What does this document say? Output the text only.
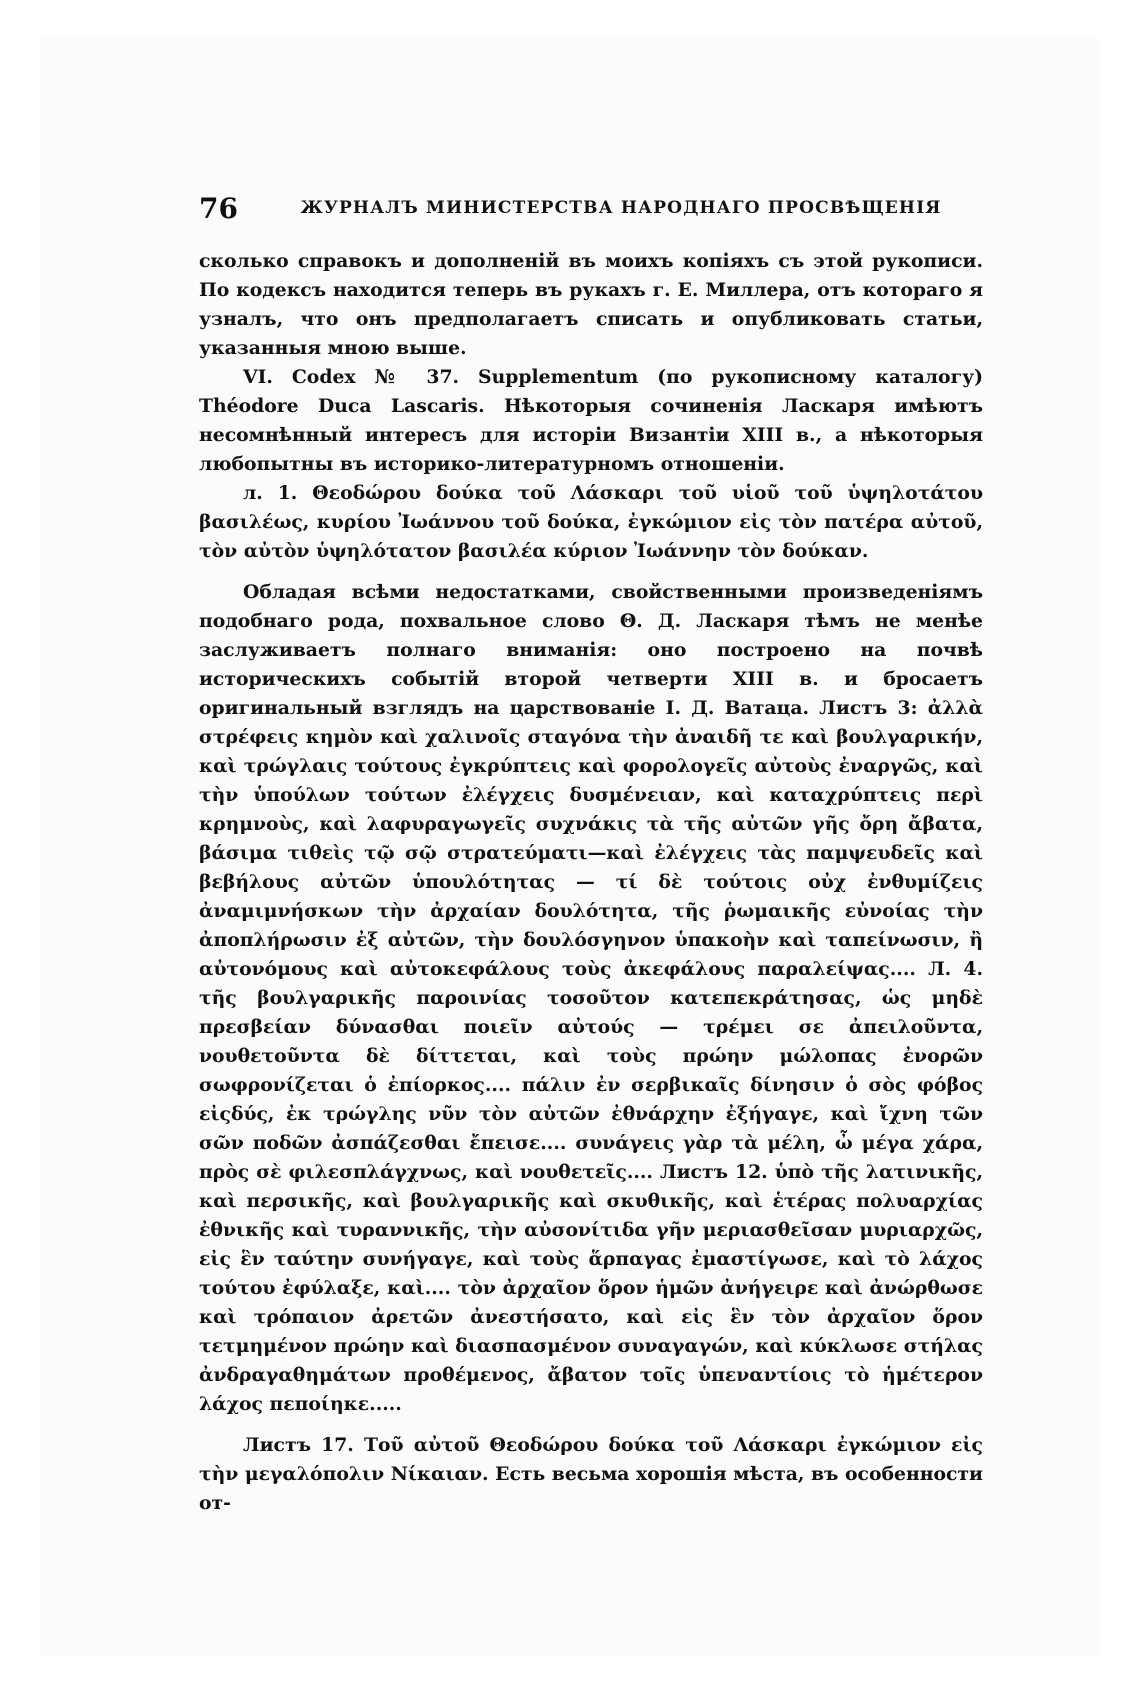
76	ЖУРНАЛЪ МИНИСТЕРСТВА НАРОДНАГО ПРОСВѢЩЕНІЯ

сколько справокъ и дополненій въ моихъ копіяхъ съ этой рукописи. По кодексъ находится теперь въ рукахъ г. Е. Миллера, отъ котораго я узналъ, что онъ предполагаетъ списать и опубликовать статьи, указанныя мною выше.

VI. Codex № 37. Supplementum (по рукописному каталогу) Théodore Duca Lascaris. Нѣкоторыя сочиненія Ласкаря имѣютъ несомнѣнный интересъ для исторіи Византіи XIII в., а нѣкоторыя любопытны въ историко-литературномъ отношеніи.

л. 1. Θεοδώρου δούκα τοῦ Λάσκαρι τοῦ υἱοῦ τοῦ ὑψηλοτάτου βασιλέως, κυρίου Ἰωάννου τοῦ δούκα, ἐγκώμιον εἰς τὸν πατέρα αὐτοῦ, τὸν αὐτὸν ὑψηλότατον βασιλέα κύριον Ἰωάννην τὸν δούκαν.

Обладая всѣми недостатками, свойственными произведеніямъ подобнаго рода, похвальное слово Θ. Д. Ласкаря тѣмъ не менѣе заслуживаетъ полнаго вниманія: оно построено на почвѣ историческихъ событій второй четверти XIII в. и бросаетъ оригинальный взглядъ на царствованіе І. Д. Ватаца. Листъ 3: ἀλλὰ στρέφεις κημὸν καὶ χαλινοῖς σταγόνα τὴν ἀναιδῆ τε καὶ βουλγαρικήν, καὶ τρώγλαις τούτους ἐγκρύπτεις καὶ φορολογεῖς αὐτοὺς ἐναργῶς, καὶ τὴν ὑπούλων τούτων ἐλέγχεις δυσμένειαν, καὶ καταχρύπτεις περὶ κρημνοὺς, καὶ λαφυραγωγεῖς συχνάκις τὰ τῆς αὐτῶν γῆς ὄρη ἄβατα, βάσιμα τιθεὶς τῷ σῷ στρατεύματι—καὶ ἐλέγχεις τὰς παμψευδεῖς καὶ βεβήλους αὐτῶν ὑπουλότητας — τί δὲ τούτοις οὐχ ἐνθυμίζεις ἀναμιμνήσκων τὴν ἀρχαίαν δουλότητα, τῆς ῥωμαικῆς εὐνοίας τὴν ἀποπλήρωσιν ἐξ αὐτῶν, τὴν δουλόσγηνον ὑπακοὴν καὶ ταπείνωσιν, ἢ αὐτονόμους καὶ αὐτοκεφάλους τοὺς ἀκεφάλους παραλείψας.... Л. 4. τῆς βουλγαρικῆς παροινίας τοσοῦτον κατεπεκράτησας, ὡς μηδὲ πρεσβείαν δύνασθαι ποιεῖν αὐτούς — τρέμει σε ἀπειλοῦντα, νουθετοῦντα δὲ δίττεται, καὶ τοὺς πρώην μώλοπας ἐνορῶν σωφρονίζεται ὁ ἐπίορκος.... πάλιν ἐν σερβικαῖς δίνησιν ὁ σὸς φόβος εἰςδύς, ἐκ τρώγλης νῦν τὸν αὐτῶν ἐθνάρχην ἐξήγαγε, καὶ ἴχνη τῶν σῶν ποδῶν ἀσπάζεσθαι ἔπεισε.... συνάγεις γὰρ τὰ μέλη, ὦ μέγα χάρα, πρὸς σὲ φιλεσπλάγχνως, καὶ νουθετεῖς.... Листъ 12. ὑπὸ τῆς λατινικῆς, καὶ περσικῆς, καὶ βουλγαρικῆς καὶ σκυθικῆς, καὶ ἑτέρας πολυαρχίας ἐθνικῆς καὶ τυραννικῆς, τὴν αὐσονίτιδα γῆν μεριασθεῖσαν μυριαρχῶς, εἰς ἓν ταύτην συνήγαγε, καὶ τοὺς ἅρπαγας ἐμαστίγωσε, καὶ τὸ λάχος τούτου ἐφύλαξε, καὶ.... τὸν ἀρχαῖον ὅρον ἡμῶν ἀνήγειρε καὶ ἀνώρθωσε καὶ τρόπαιον ἀρετῶν ἀνεστήσατο, καὶ εἰς ἓν τὸν ἀρχαῖον ὅρον τετμημένον πρώην καὶ διασπασμένον συναγαγών, καὶ κύκλωσε στήλας ἀνδραγαθημάτων προθέμενος, ἄβατον τοῖς ὑπεναντίοις τὸ ἡμέτερον λάχος πεποίηκε.....

Листъ 17. Τοῦ αὐτοῦ Θεοδώρου δούκα τοῦ Λάσκαρι ἐγκώμιον εἰς τὴν μεγαλόπολιν Νίκαιαν. Есть весьма хорошія мѣста, въ особенности от-
